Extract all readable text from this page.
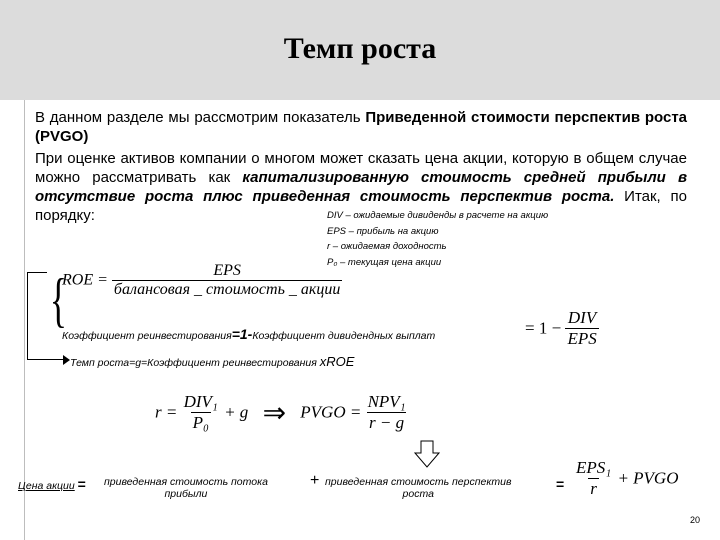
Темп роста
В данном разделе мы рассмотрим показатель Приведенной стоимости перспектив роста (PVGO)
При оценке активов компании о многом может сказать цена акции, которую в общем случае можно рассматривать как капитализированную стоимость средней прибыли в отсутствие роста плюс приведенная стоимость перспектив роста. Итак, по порядку:	DIV – ожидаемые дивиденды в расчете на акцию
EPS – прибыль на акцию
r – ожидаемая доходность
P₀ – текущая цена акции
{
ROE = $\frac{\text{EPS}}{\text{балансовая \_ стоимость \_ акции}}$
Коэффициент реинвестирования=1-Коэффициент дивидендных выплат	= $1 - \frac{\text{DIV}}{\text{EPS}}$
Темп роста=g=Коэффициент реинвестирования xROE
$r = \frac{\text{DIV₁}}{\text{P₀}} + g$ ⇒ PVGO = $\frac{\text{NPV₁}}{r - g}$
Цена акции = приведенная стоимость потока
прибыли
+ приведенная стоимость перспектив
роста
= $\frac{\text{EPS₁}}{r}$ + PVGO
20
